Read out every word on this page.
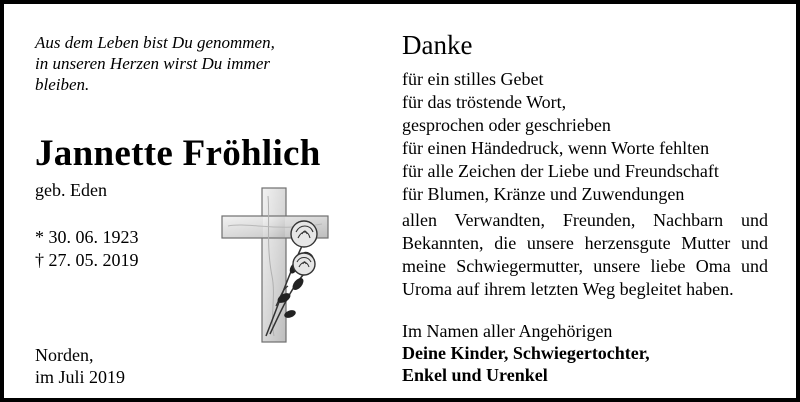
Aus dem Leben bist Du genommen,
in unseren Herzen wirst Du immer
bleiben.
Jannette Fröhlich
geb. Eden
* 30. 06. 1923
† 27. 05. 2019
Norden,
im Juli 2019
Danke
für ein stilles Gebet
für das tröstende Wort,
gesprochen oder geschrieben
für einen Händedruck, wenn Worte fehlten
für alle Zeichen der Liebe und Freundschaft
für Blumen, Kränze und Zuwendungen
allen Verwandten, Freunden, Nachbarn und
Bekannten, die unsere herzensgute Mutter und
meine Schwiegermutter, unsere liebe Oma und
Uroma auf ihrem letzten Weg begleitet haben.
Im Namen aller Angehörigen
Deine Kinder, Schwiegertochter,
Enkel und Urenkel
